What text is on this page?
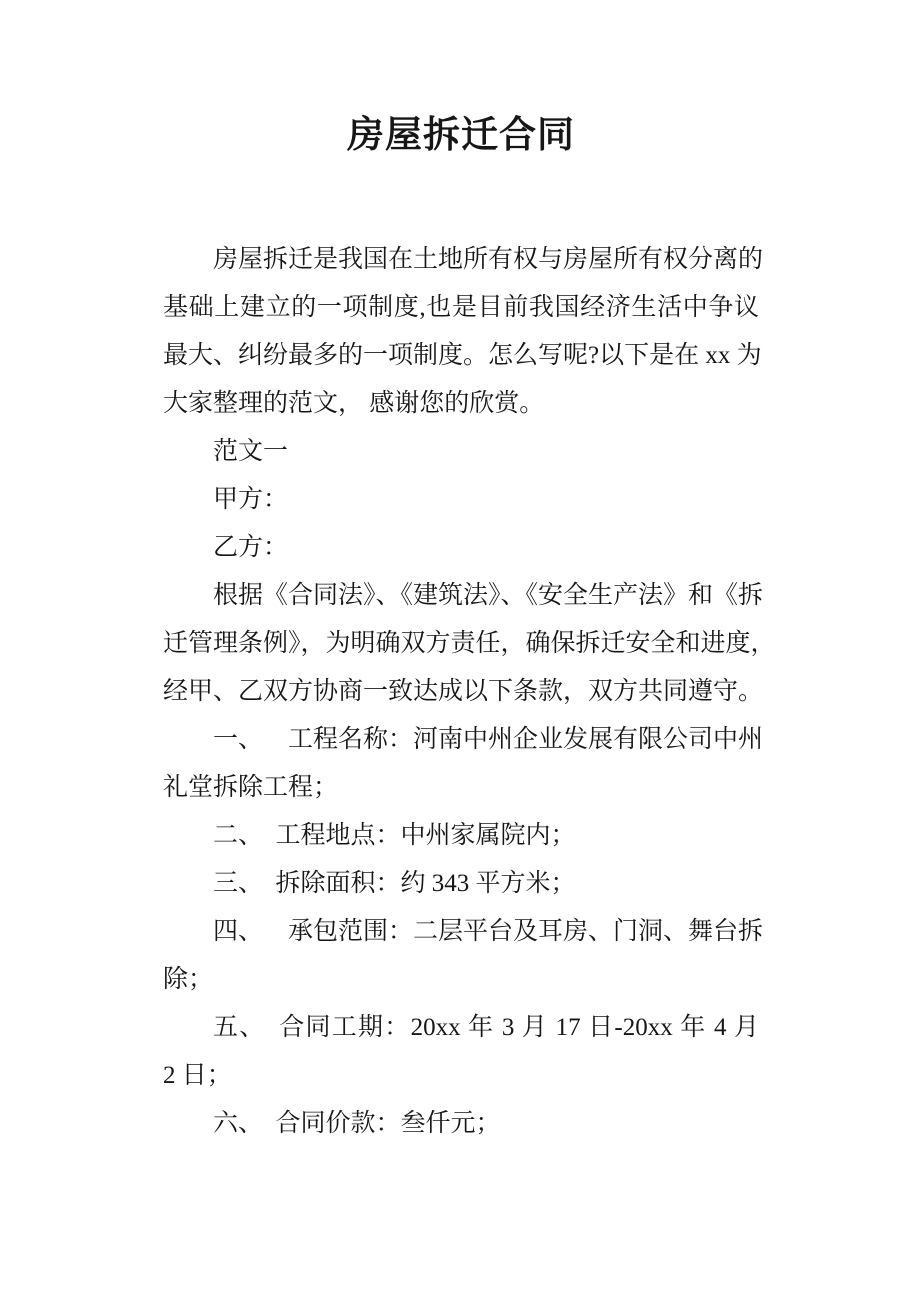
房屋拆迁合同
房屋拆迁是我国在土地所有权与房屋所有权分离的
基础上建立的一项制度,也是目前我国经济生活中争议
最大、纠纷最多的一项制度。怎么写呢?以下是在 xx 为
大家整理的范文， 感谢您的欣赏。
范文一
甲方：
乙方：
根据《合同法》、《建筑法》、《安全生产法》和《拆
迁管理条例》，为明确双方责任，确保拆迁安全和进度，
经甲、乙双方协商一致达成以下条款，双方共同遵守。
一、 工程名称：河南中州企业发展有限公司中州
礼堂拆除工程；
二、 工程地点：中州家属院内；
三、 拆除面积：约 343 平方米；
四、 承包范围：二层平台及耳房、门洞、舞台拆
除；
五、 合同工期：20xx 年 3 月 17 日-20xx 年 4 月
2 日；
六、 合同价款：叁仟元；
